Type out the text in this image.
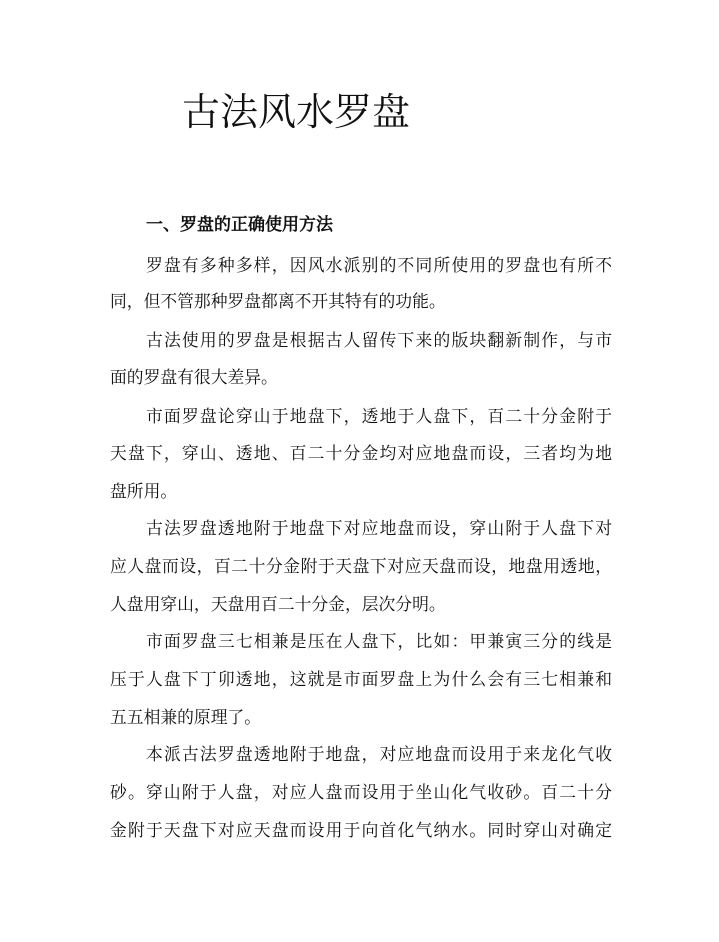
古法风水罗盘
一、罗盘的正确使用方法
罗盘有多种多样，因风水派别的不同所使用的罗盘也有所不
同，但不管那种罗盘都离不开其特有的功能。
古法使用的罗盘是根据古人留传下来的版块翻新制作，与市
面的罗盘有很大差异。
市面罗盘论穿山于地盘下，透地于人盘下，百二十分金附于
天盘下，穿山、透地、百二十分金均对应地盘而设，三者均为地
盘所用。
古法罗盘透地附于地盘下对应地盘而设，穿山附于人盘下对
应人盘而设，百二十分金附于天盘下对应天盘而设，地盘用透地，
人盘用穿山，天盘用百二十分金，层次分明。
市面罗盘三七相兼是压在人盘下，比如：甲兼寅三分的线是
压于人盘下丁卯透地，这就是市面罗盘上为什么会有三七相兼和
五五相兼的原理了。
本派古法罗盘透地附于地盘，对应地盘而设用于来龙化气收
砂。穿山附于人盘，对应人盘而设用于坐山化气收砂。百二十分
金附于天盘下对应天盘而设用于向首化气纳水。同时穿山对确定
